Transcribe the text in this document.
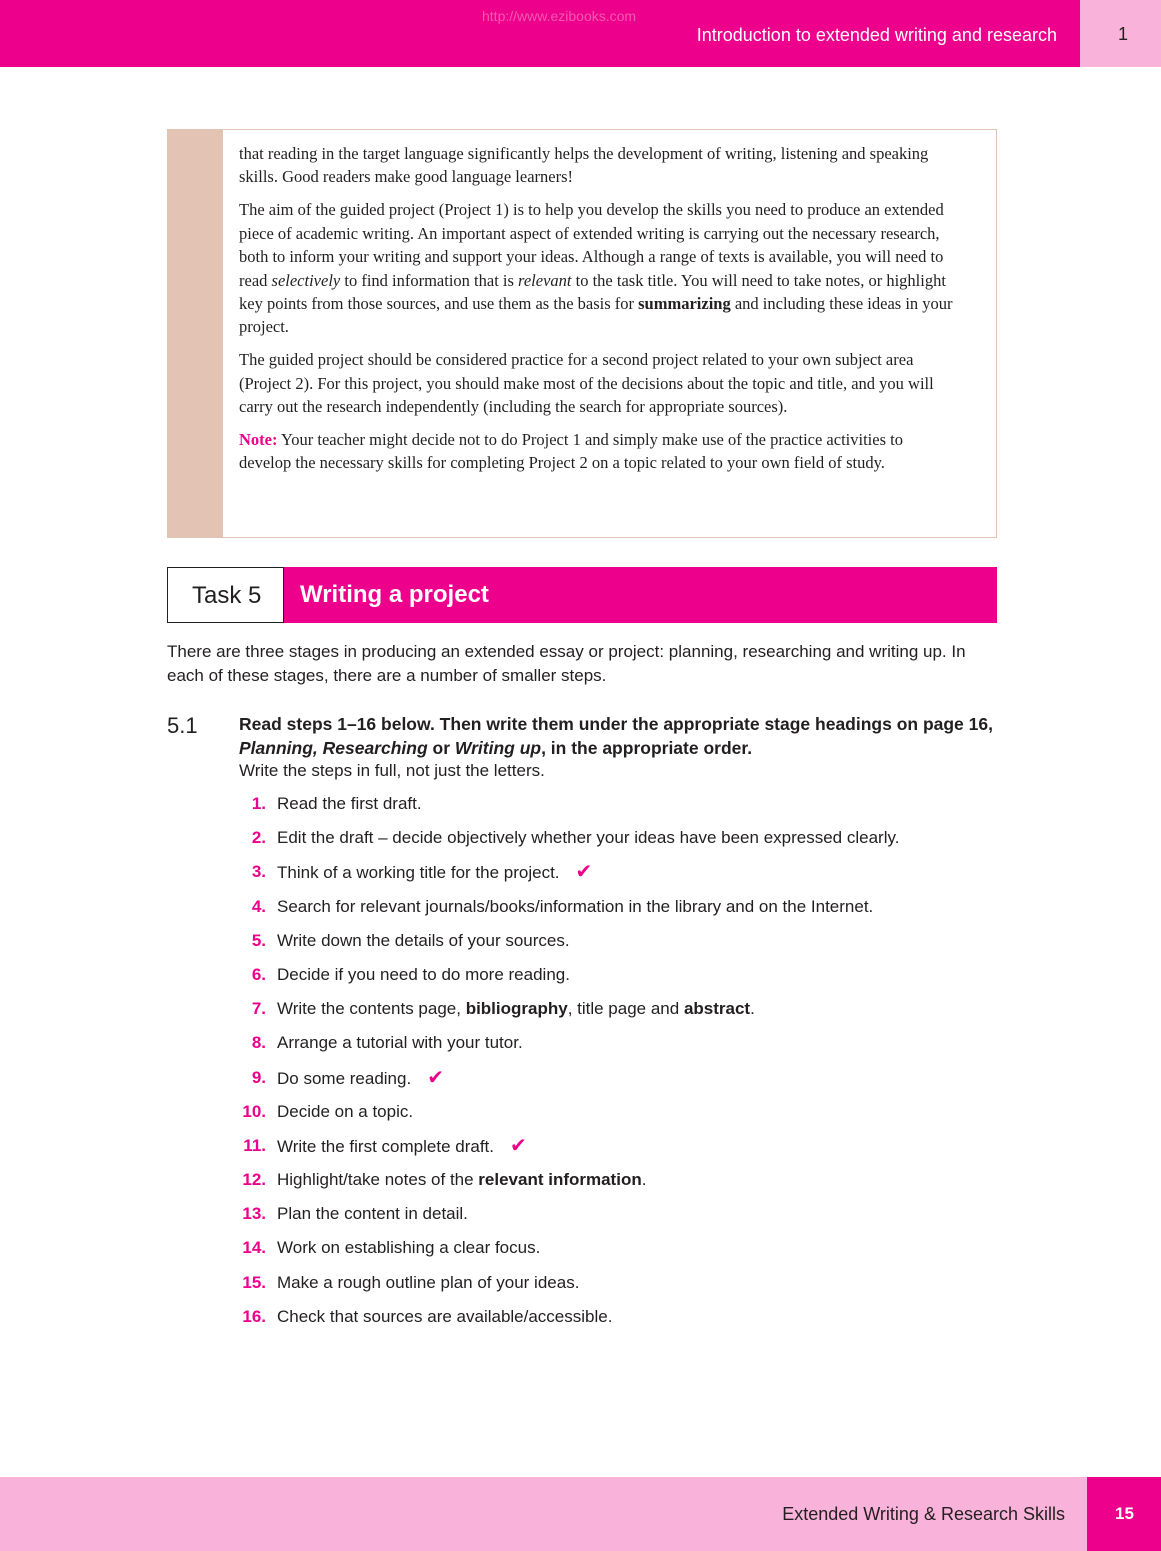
http://www.ezibooks.com
Introduction to extended writing and research	1

that reading in the target language significantly helps the development of writing, listening and speaking skills. Good readers make good language learners!

The aim of the guided project (Project 1) is to help you develop the skills you need to produce an extended piece of academic writing. An important aspect of extended writing is carrying out the necessary research, both to inform your writing and support your ideas. Although a range of texts is available, you will need to read selectively to find information that is relevant to the task title. You will need to take notes, or highlight key points from those sources, and use them as the basis for summarizing and including these ideas in your project.

The guided project should be considered practice for a second project related to your own subject area (Project 2). For this project, you should make most of the decisions about the topic and title, and you will carry out the research independently (including the search for appropriate sources).

Note: Your teacher might decide not to do Project 1 and simply make use of the practice activities to develop the necessary skills for completing Project 2 on a topic related to your own field of study.

Task 5 Writing a project

There are three stages in producing an extended essay or project: planning, researching and writing up. In each of these stages, there are a number of smaller steps.

5.1 Read steps 1–16 below. Then write them under the appropriate stage headings on page 16, Planning, Researching or Writing up, in the appropriate order.

Write the steps in full, not just the letters.

1. Read the first draft.
2. Edit the draft – decide objectively whether your ideas have been expressed clearly.
3. Think of a working title for the project. ✔
4. Search for relevant journals/books/information in the library and on the Internet.
5. Write down the details of your sources.
6. Decide if you need to do more reading.
7. Write the contents page, bibliography, title page and abstract.
8. Arrange a tutorial with your tutor.
9. Do some reading. ✔
10. Decide on a topic.
11. Write the first complete draft. ✔
12. Highlight/take notes of the relevant information.
13. Plan the content in detail.
14. Work on establishing a clear focus.
15. Make a rough outline plan of your ideas.
16. Check that sources are available/accessible.
Extended Writing & Research Skills	15
